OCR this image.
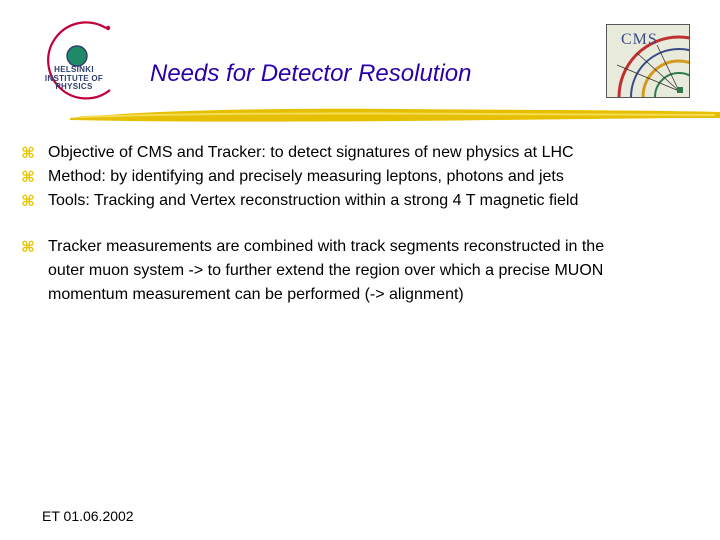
HELSINKI
INSTITUTE OF
PHYSICS	Needs for Detector Resolution
CMS
⌘ Objective of CMS and Tracker: to detect signatures of new physics at LHC
⌘ Method: by identifying and precisely measuring leptons, photons and jets
⌘ Tools: Tracking and Vertex reconstruction within a strong 4 T magnetic field
⌘ Tracker measurements are combined with track segments reconstructed in the
outer muon system -> to further extend the region over which a precise MUON
momentum measurement can be performed (-> alignment)
ET 01.06.2002
